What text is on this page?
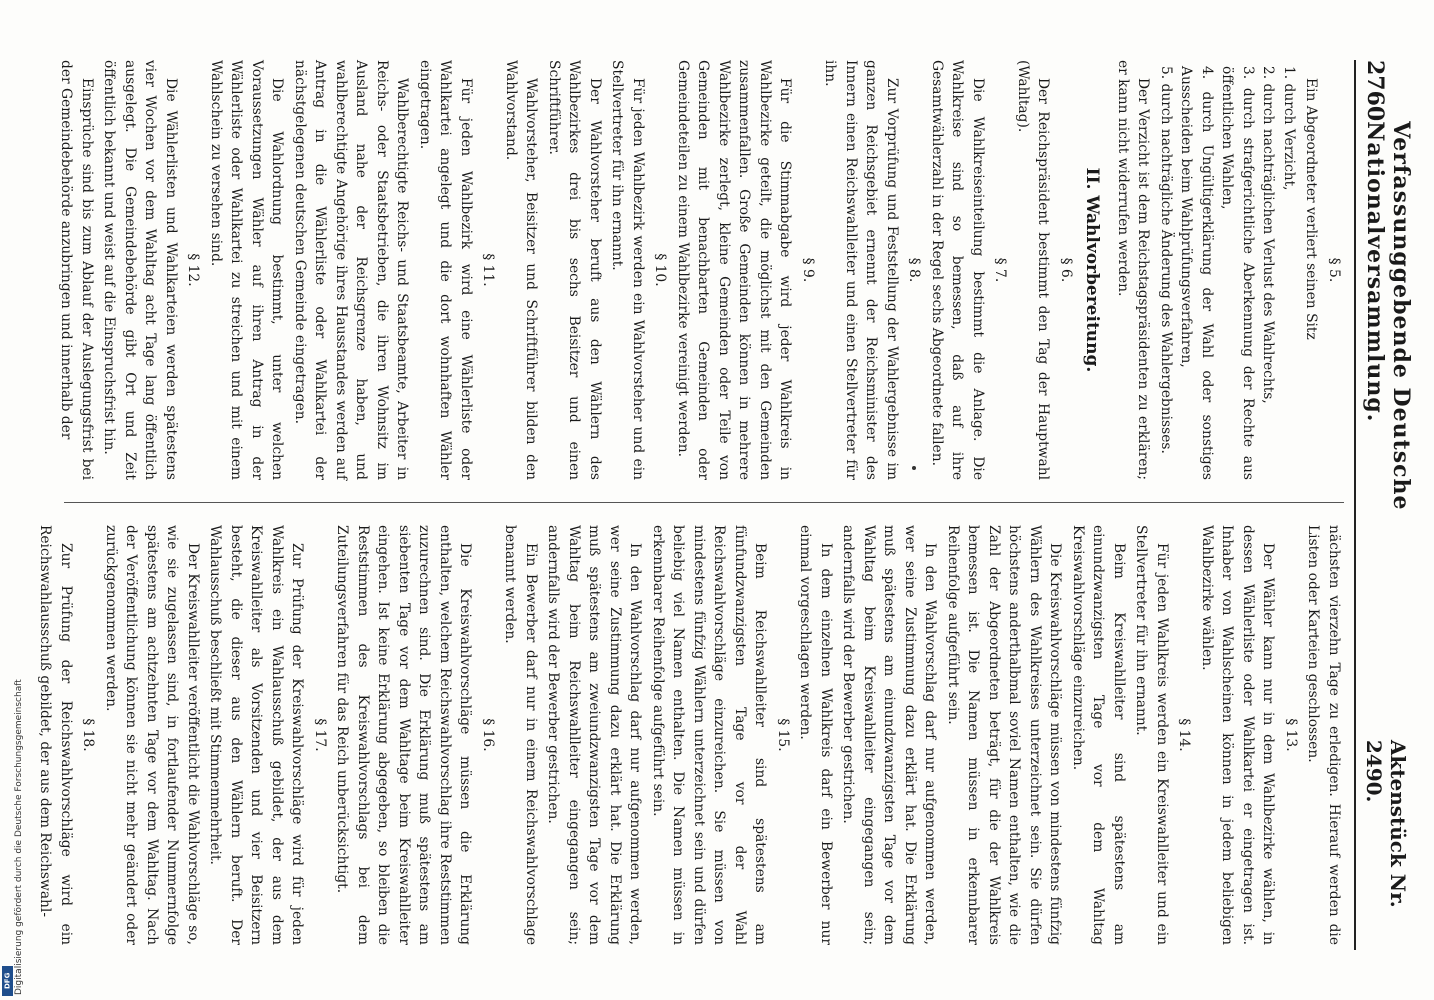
2760
Verfassunggebende Deutsche Nationalversammlung.
Aktenstück Nr. 2490.

§ 5.

Ein Abgeordneter verliert seinen Sitz

1. durch Verzicht,
2. durch nachträglichen Verlust des Wahlrechts,
3. durch strafgerichtliche Aberkennung der Rechte aus öffentlichen Wahlen,
4. durch Ungültigerklärung der Wahl oder sonstiges Ausscheiden beim Wahlprüfungsverfahren,
5. durch nachträgliche Änderung des Wahlergebnisses.

Der Verzicht ist dem Reichstagspräsidenten zu erklären; er kann nicht widerrufen werden.

II. Wahlvorbereitung.

§ 6.

Der Reichspräsident bestimmt den Tag der Hauptwahl (Wahltag).

§ 7.

Die Wahlkreiseinteilung bestimmt die Anlage. Die Wahlkreise sind so bemessen, daß auf ihre Gesamtwählerzahl in der Regel sechs Abgeordnete fallen.

§ 8.

Zur Vorprüfung und Feststellung der Wahlergebnisse im ganzen Reichsgebiet ernennt der Reichsminister des Innern einen Reichswahlleiter und einen Stellvertreter für ihn.

§ 9.

Für die Stimmabgabe wird jeder Wahlkreis in Wahlbezirke geteilt, die möglichst mit den Gemeinden zusammenfallen. Große Gemeinden können in mehrere Wahlbezirke zerlegt, kleine Gemeinden oder Teile von Gemeinden mit benachbarten Gemeinden oder Gemeindeteilen zu einem Wahlbezirke vereinigt werden.

§ 10.

Für jeden Wahlbezirk werden ein Wahlvorsteher und ein Stellvertreter für ihn ernannt.

Der Wahlvorsteher beruft aus den Wählern des Wahlbezirkes drei bis sechs Beisitzer und einen Schriftführer.

Wahlvorsteher, Beisitzer und Schriftführer bilden den Wahlvorstand.

§ 11.

Für jeden Wahlbezirk wird eine Wählerliste oder Wahlkartei angelegt und die dort wohnhaften Wähler eingetragen.

Wahlberechtigte Reichs- und Staatsbeamte, Arbeiter in Reichs- oder Staatsbetrieben, die ihren Wohnsitz im Ausland nahe der Reichsgrenze haben, und wahlberechtigte Angehörige ihres Hausstandes werden auf Antrag in die Wählerliste oder Wahlkartei der nächstgelegenen deutschen Gemeinde eingetragen.

Die Wahlordnung bestimmt, unter welchen Voraussetzungen Wähler auf ihren Antrag in der Wählerliste oder Wahlkartei zu streichen und mit einem Wahlschein zu versehen sind.

§ 12.

Die Wählerlisten und Wahlkarteien werden spätestens vier Wochen vor dem Wahltag acht Tage lang öffentlich ausgelegt. Die Gemeindebehörde gibt Ort und Zeit öffentlich bekannt und weist auf die Einspruchsfrist hin.

Einsprüche sind bis zum Ablauf der Auslegungsfrist bei der Gemeindebehörde anzubringen und innerhalb der

nächsten vierzehn Tage zu erledigen. Hierauf werden die Listen oder Karteien geschlossen.

§ 13.

Der Wähler kann nur in dem Wahlbezirke wählen, in dessen Wählerliste oder Wahlkartei er eingetragen ist. Inhaber von Wahlscheinen können in jedem beliebigen Wahlbezirke wählen.

§ 14.

Für jeden Wahlkreis werden ein Kreiswahlleiter und ein Stellvertreter für ihn ernannt.

Beim Kreiswahlleiter sind spätestens am einundzwanzigsten Tage vor dem Wahltag Kreiswahlvorschläge einzureichen.

Die Kreiswahlvorschläge müssen von mindestens fünfzig Wählern des Wahlkreises unterzeichnet sein. Sie dürfen höchstens anderthalbmal soviel Namen enthalten, wie die Zahl der Abgeordneten beträgt, für die der Wahlkreis bemessen ist. Die Namen müssen in erkennbarer Reihenfolge aufgeführt sein.

In den Wahlvorschlag darf nur aufgenommen werden, wer seine Zustimmung dazu erklärt hat. Die Erklärung muß spätestens am einundzwanzigsten Tage vor dem Wahltag beim Kreiswahlleiter eingegangen sein; andernfalls wird der Bewerber gestrichen.

In dem einzelnen Wahlkreis darf ein Bewerber nur einmal vorgeschlagen werden.

§ 15.

Beim Reichswahlleiter sind spätestens am fünfundzwanzigsten Tage vor der Wahl Reichswahlvorschläge einzureichen. Sie müssen von mindestens fünfzig Wählern unterzeichnet sein und dürfen beliebig viel Namen enthalten. Die Namen müssen in erkennbarer Reihenfolge aufgeführt sein.

In den Wahlvorschlag darf nur aufgenommen werden, wer seine Zustimmung dazu erklärt hat. Die Erklärung muß spätestens am zweiundzwanzigsten Tage vor dem Wahltag beim Reichswahlleiter eingegangen sein; andernfalls wird der Bewerber gestrichen.

Ein Bewerber darf nur in einem Reichswahlvorschlage benannt werden.

§ 16.

Die Kreiswahlvorschläge müssen die Erklärung enthalten, welchem Reichswahlvorschlag ihre Reststimmen zuzurechnen sind. Die Erklärung muß spätestens am siebenten Tage vor dem Wahltage beim Kreiswahlleiter eingehen. Ist keine Erklärung abgegeben, so bleiben die Reststimmen des Kreiswahlvorschlags bei dem Zuteilungsverfahren für das Reich unberücksichtigt.

§ 17.

Zur Prüfung der Kreiswahlvorschläge wird für jeden Wahlkreis ein Wahlausschuß gebildet, der aus dem Kreiswahlleiter als Vorsitzenden und vier Beisitzern besteht, die dieser aus den Wählern beruft. Der Wahlausschuß beschließt mit Stimmenmehrheit.

Der Kreiswahlleiter veröffentlicht die Wahlvorschläge so, wie sie zugelassen sind, in fortlaufender Nummernfolge spätestens am achtzehnten Tage vor dem Wahltag. Nach der Veröffentlichung können sie nicht mehr geändert oder zurückgenommen werden.

§ 18.

Zur Prüfung der Reichswahlvorschläge wird ein Reichswahlausschuß gebildet, der aus dem Reichswahl-

Digitalisierung gefördert durch die Deutsche Forschungsgemeinschaft
DFG
